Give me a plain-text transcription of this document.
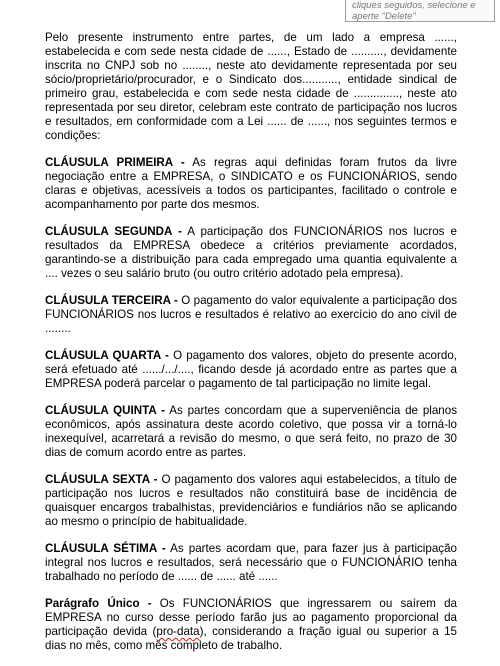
cliques seguidos, selecione e
aperte "Delete"

Pelo presente instrumento entre partes, de um lado a empresa ......, estabelecida e com sede nesta cidade de ......, Estado de .........., devidamente inscrita no CNPJ sob no ........, neste ato devidamente representada por seu sócio/proprietário/procurador, e o Sindicato dos..........., entidade sindical de primeiro grau, estabelecida e com sede nesta cidade de .............., neste ato representada por seu diretor, celebram este contrato de participação nos lucros e resultados, em conformidade com a Lei ...... de ......, nos seguintes termos e condições:

CLÁUSULA PRIMEIRA - As regras aqui definidas foram frutos da livre negociação entre a EMPRESA, o SINDICATO e os FUNCIONÁRIOS, sendo claras e objetivas, acessíveis a todos os participantes, facilitado o controle e acompanhamento por parte dos mesmos.

CLÁUSULA SEGUNDA - A participação dos FUNCIONÁRIOS nos lucros e resultados da EMPRESA obedece a critérios previamente acordados, garantindo-se a distribuição para cada empregado uma quantia equivalente a .... vezes o seu salário bruto (ou outro critério adotado pela empresa).

CLÁUSULA TERCEIRA - O pagamento do valor equivalente a participação dos FUNCIONÁRIOS nos lucros e resultados é relativo ao exercício do ano civil de ........

CLÁUSULA QUARTA - O pagamento dos valores, objeto do presente acordo, será efetuado até ....../.../...., ficando desde já acordado entre as partes que a EMPRESA poderá parcelar o pagamento de tal participação no limite legal.

CLÁUSULA QUINTA - As partes concordam que a superveniência de planos econômicos, após assinatura deste acordo coletivo, que possa vir a torná-lo inexequível, acarretará a revisão do mesmo, o que será feito, no prazo de 30 dias de comum acordo entre as partes.

CLÁUSULA SEXTA - O pagamento dos valores aqui estabelecidos, a título de participação nos lucros e resultados não constituirá base de incidência de quaisquer encargos trabalhistas, previdenciários e fundiários não se aplicando ao mesmo o princípio de habitualidade.

CLÁUSULA SÉTIMA - As partes acordam que, para fazer jus à participação integral nos lucros e resultados, será necessário que o FUNCIONÁRIO tenha trabalhado no período de ...... de ...... até ......

Parágrafo Único - Os FUNCIONÁRIOS que ingressarem ou saírem da EMPRESA no curso desse período farão jus ao pagamento proporcional da participação devida (pro-data), considerando a fração igual ou superior a 15 dias no mês, como mês completo de trabalho.
